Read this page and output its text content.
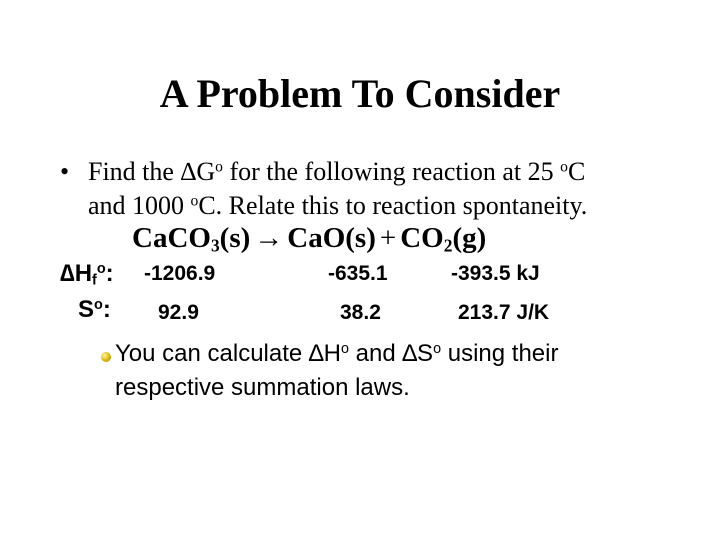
A Problem To Consider
• Find the $\Delta G^o$ for the following reaction at 25 $^o$C
and 1000 $^o$C. Relate this to reaction spontaneity.
CaCO$_3$(s) → $CaO(s) + CO_2(g)$
$\Delta H_f^o$: -1206.9	-635.1	-393.5 kJ
$S^o$: 92.9	38.2	213.7 J/K
You can calculate $\Delta H^o$ and $\Delta S^o$ using their
respective summation laws.
